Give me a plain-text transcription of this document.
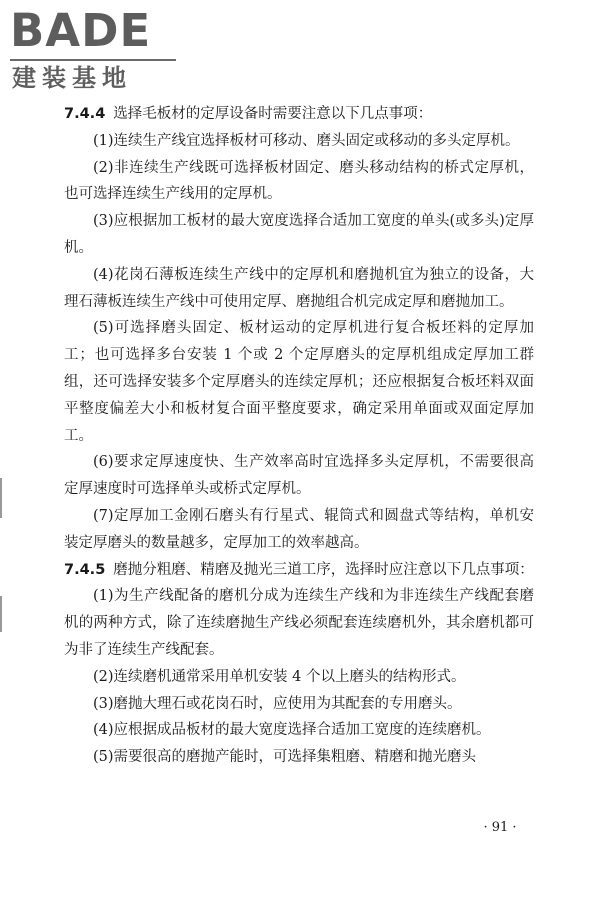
BADE
建装基地

7.4.4 选择毛板材的定厚设备时需要注意以下几点事项：

(1)连续生产线宜选择板材可移动、磨头固定或移动的多头定厚机。

(2)非连续生产线既可选择板材固定、磨头移动结构的桥式定厚机，也可选择连续生产线用的定厚机。

(3)应根据加工板材的最大宽度选择合适加工宽度的单头(或多头)定厚机。

(4)花岗石薄板连续生产线中的定厚机和磨抛机宜为独立的设备，大理石薄板连续生产线中可使用定厚、磨抛组合机完成定厚和磨抛加工。

(5)可选择磨头固定、板材运动的定厚机进行复合板坯料的定厚加工；也可选择多台安装 1 个或 2 个定厚磨头的定厚机组成定厚加工群组，还可选择安装多个定厚磨头的连续定厚机；还应根据复合板坯料双面平整度偏差大小和板材复合面平整度要求，确定采用单面或双面定厚加工。

(6)要求定厚速度快、生产效率高时宜选择多头定厚机，不需要很高定厚速度时可选择单头或桥式定厚机。

(7)定厚加工金刚石磨头有行星式、辊筒式和圆盘式等结构，单机安装定厚磨头的数量越多，定厚加工的效率越高。

7.4.5 磨抛分粗磨、精磨及抛光三道工序，选择时应注意以下几点事项：

(1)为生产线配备的磨机分成为连续生产线和为非连续生产线配套磨机的两种方式，除了连续磨抛生产线必须配套连续磨机外，其余磨机都可为非了连续生产线配套。

(2)连续磨机通常采用单机安装 4 个以上磨头的结构形式。

(3)磨抛大理石或花岗石时，应使用为其配套的专用磨头。

(4)应根据成品板材的最大宽度选择合适加工宽度的连续磨机。

(5)需要很高的磨抛产能时，可选择集粗磨、精磨和抛光磨头

· 91 ·
